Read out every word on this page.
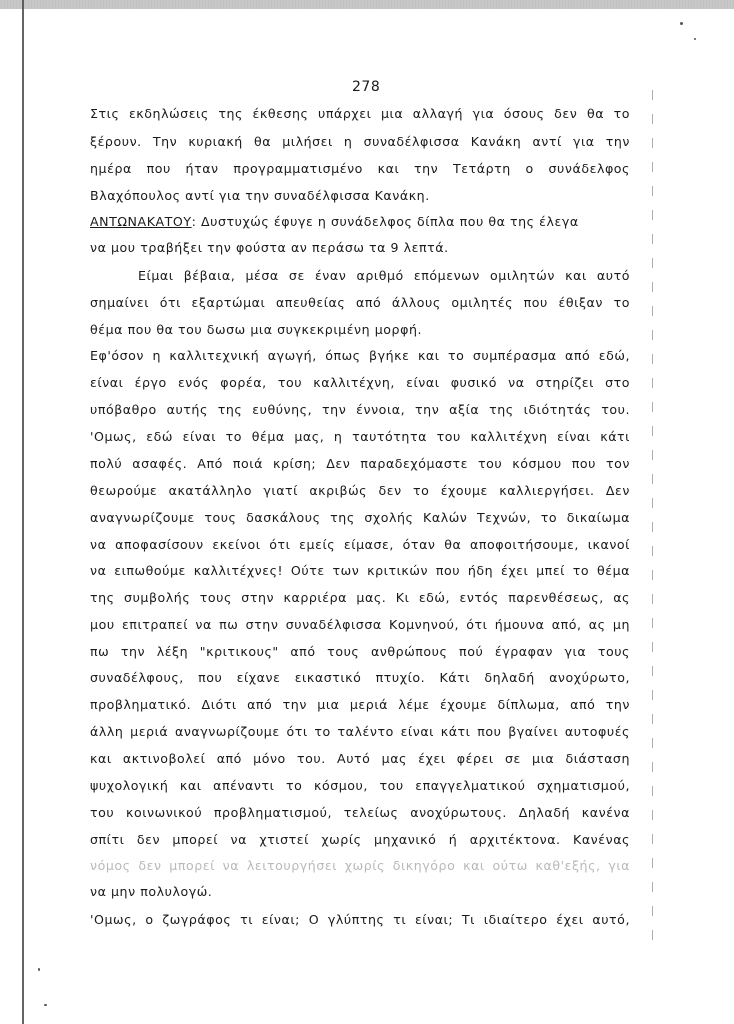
278
Στις εκδηλώσεις της έκθεσης υπάρχει μια αλλαγή για όσους δεν θα το
ξέρουν. Την κυριακή θα μιλήσει η συναδέλφισσα Κανάκη αντί για την
ημέρα που ήταν προγραμματισμένο και την Τετάρτη ο συνάδελφος
Βλαχόπουλος αντί για την συναδέλφισσα Κανάκη.
ΑΝΤΩΝΑΚΑΤΟΥ: Δυστυχώς έφυγε η συνάδελφος δίπλα που θα της έλεγα
να μου τραβήξει την φούστα αν περάσω τα 9 λεπτά.
Είμαι βέβαια, μέσα σε έναν αριθμό επόμενων ομιλητών και αυτό
σημαίνει ότι εξαρτώμαι απευθείας από άλλους ομιλητές που έθιξαν το
θέμα που θα του δωσω μια συγκεκριμένη μορφή.
Εφ'όσον η καλλιτεχνική αγωγή, όπως βγήκε και το συμπέρασμα από εδώ,
είναι έργο ενός φορέα, του καλλιτέχνη, είναι φυσικό να στηρίζει στο
υπόβαθρο αυτής της ευθύνης, την έννοια, την αξία της ιδιότητάς του.
'Ομως, εδώ είναι το θέμα μας, η ταυτότητα του καλλιτέχνη είναι κάτι
πολύ ασαφές. Από ποιά κρίση; Δεν παραδεχόμαστε του κόσμου που τον
θεωρούμε ακατάλληλο γιατί ακριβώς δεν το έχουμε καλλιεργήσει. Δεν
αναγνωρίζουμε τους δασκάλους της σχολής Καλών Τεχνών, το δικαίωμα
να αποφασίσουν εκείνοι ότι εμείς είμασε, όταν θα αποφοιτήσουμε, ικανοί
να ειπωθούμε καλλιτέχνες! Ούτε των κριτικών που ήδη έχει μπεί το θέμα
της συμβολής τους στην καρριέρα μας. Κι εδώ, εντός παρενθέσεως, ας
μου επιτραπεί να πω στην συναδέλφισσα Κομνηνού, ότι ήμουνα από, ας μη
πω την λέξη "κριτικους" από τους ανθρώπους πού έγραφαν για τους
συναδέλφους, που είχανε εικαστικό πτυχίο. Κάτι δηλαδή ανοχύρωτο,
προβληματικό. Διότι από την μια μεριά λέμε έχουμε δίπλωμα, από την
άλλη μεριά αναγνωρίζουμε ότι το ταλέντο είναι κάτι που βγαίνει αυτοφυές
και ακτινοβολεί από μόνο του. Αυτό μας έχει φέρει σε μια διάσταση
ψυχολογική και απέναντι το κόσμου, του επαγγελματικού σχηματισμού,
του κοινωνικού προβληματισμού, τελείως ανοχύρωτους. Δηλαδή κανένα
σπίτι δεν μπορεί να χτιστεί χωρίς μηχανικό ή αρχιτέκτονα. Κανένας
νόμος δεν μπορεί να λειτουργήσει χωρίς δικηγόρο και ούτω καθ'εξής, για
να μην πολυλογώ.
'Ομως, ο ζωγράφος τι είναι; Ο γλύπτης τι είναι; Τι ιδιαίτερο έχει αυτό,
